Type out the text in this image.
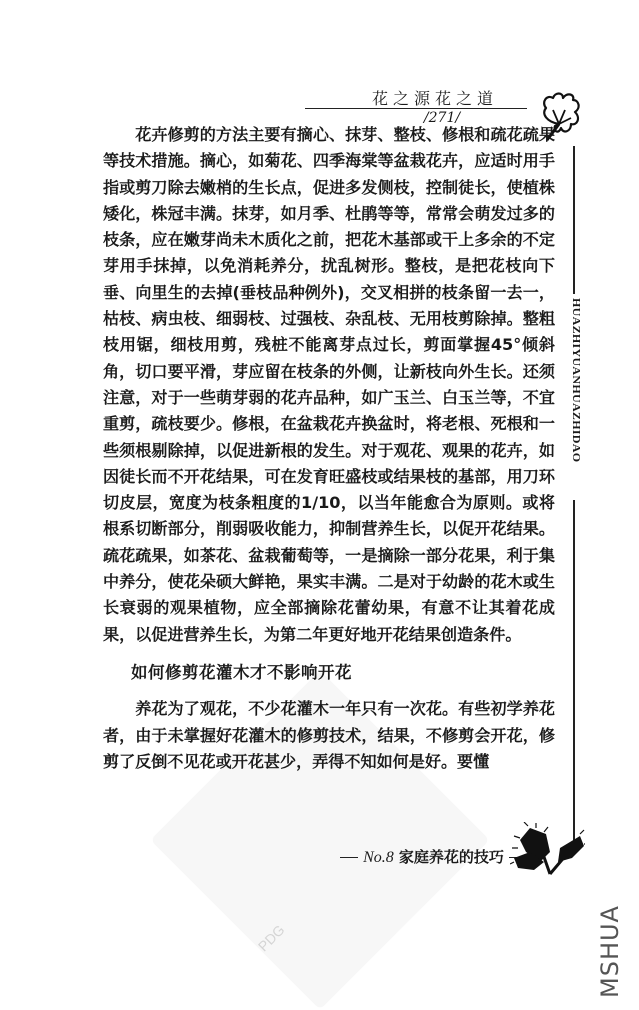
PDG
花之源花之道
/271/
HUAZHIYUANHUAZHIDAO

花卉修剪的方法主要有摘心、抹芽、整枝、修根和疏花疏果等技术措施。摘心，如菊花、四季海棠等盆栽花卉，应适时用手指或剪刀除去嫩梢的生长点，促进多发侧枝，控制徒长，使植株矮化，株冠丰满。抹芽，如月季、杜鹃等等，常常会萌发过多的枝条，应在嫩芽尚未木质化之前，把花木基部或干上多余的不定芽用手抹掉，以免消耗养分，扰乱树形。整枝，是把花枝向下垂、向里生的去掉(垂枝品种例外)，交叉相拼的枝条留一去一，枯枝、病虫枝、细弱枝、过强枝、杂乱枝、无用枝剪除掉。整粗枝用锯，细枝用剪，残桩不能离芽点过长，剪面掌握45°倾斜角，切口要平滑，芽应留在枝条的外侧，让新枝向外生长。还须注意，对于一些萌芽弱的花卉品种，如广玉兰、白玉兰等，不宜重剪，疏枝要少。修根，在盆栽花卉换盆时，将老根、死根和一些须根剔除掉，以促进新根的发生。对于观花、观果的花卉，如因徒长而不开花结果，可在发育旺盛枝或结果枝的基部，用刀环切皮层，宽度为枝条粗度的1/10，以当年能愈合为原则。或将根系切断部分，削弱吸收能力，抑制营养生长，以促开花结果。疏花疏果，如茶花、盆栽葡萄等，一是摘除一部分花果，利于集中养分，使花朵硕大鲜艳，果实丰满。二是对于幼龄的花木或生长衰弱的观果植物，应全部摘除花蕾幼果，有意不让其着花成果，以促进营养生长，为第二年更好地开花结果创造条件。

如何修剪花灌木才不影响开花

养花为了观花，不少花灌木一年只有一次花。有些初学养花者，由于未掌握好花灌木的修剪技术，结果，不修剪会开花，修剪了反倒不见花或开花甚少，弄得不知如何是好。要懂

No.8 家庭养花的技巧
MSHUA
